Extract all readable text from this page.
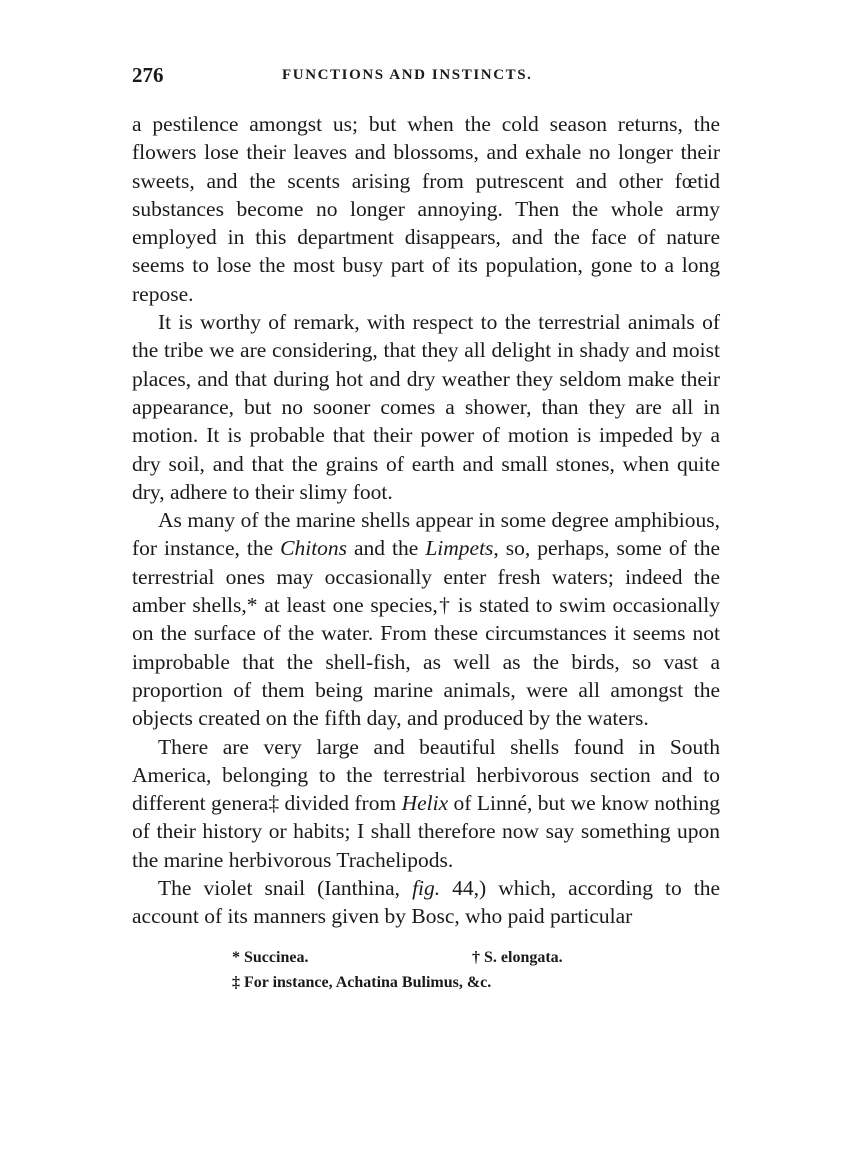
276	FUNCTIONS AND INSTINCTS.

a pestilence amongst us; but when the cold season returns, the flowers lose their leaves and blossoms, and exhale no longer their sweets, and the scents arising from putrescent and other fœtid substances become no longer annoying. Then the whole army employed in this department disappears, and the face of nature seems to lose the most busy part of its population, gone to a long repose.

It is worthy of remark, with respect to the terrestrial animals of the tribe we are considering, that they all delight in shady and moist places, and that during hot and dry weather they seldom make their appearance, but no sooner comes a shower, than they are all in motion. It is probable that their power of motion is impeded by a dry soil, and that the grains of earth and small stones, when quite dry, adhere to their slimy foot.

As many of the marine shells appear in some degree amphibious, for instance, the Chitons and the Limpets, so, perhaps, some of the terrestrial ones may occasionally enter fresh waters; indeed the amber shells,* at least one species,† is stated to swim occasionally on the surface of the water. From these circumstances it seems not improbable that the shell-fish, as well as the birds, so vast a proportion of them being marine animals, were all amongst the objects created on the fifth day, and produced by the waters.

There are very large and beautiful shells found in South America, belonging to the terrestrial herbivorous section and to different genera‡ divided from Helix of Linné, but we know nothing of their history or habits; I shall therefore now say something upon the marine herbivorous Trachelipods.

The violet snail (Ianthina, fig. 44,) which, according to the account of its manners given by Bosc, who paid particular

* Succinea.	† S. elongata.
‡ For instance, Achatina Bulimus, &c.
